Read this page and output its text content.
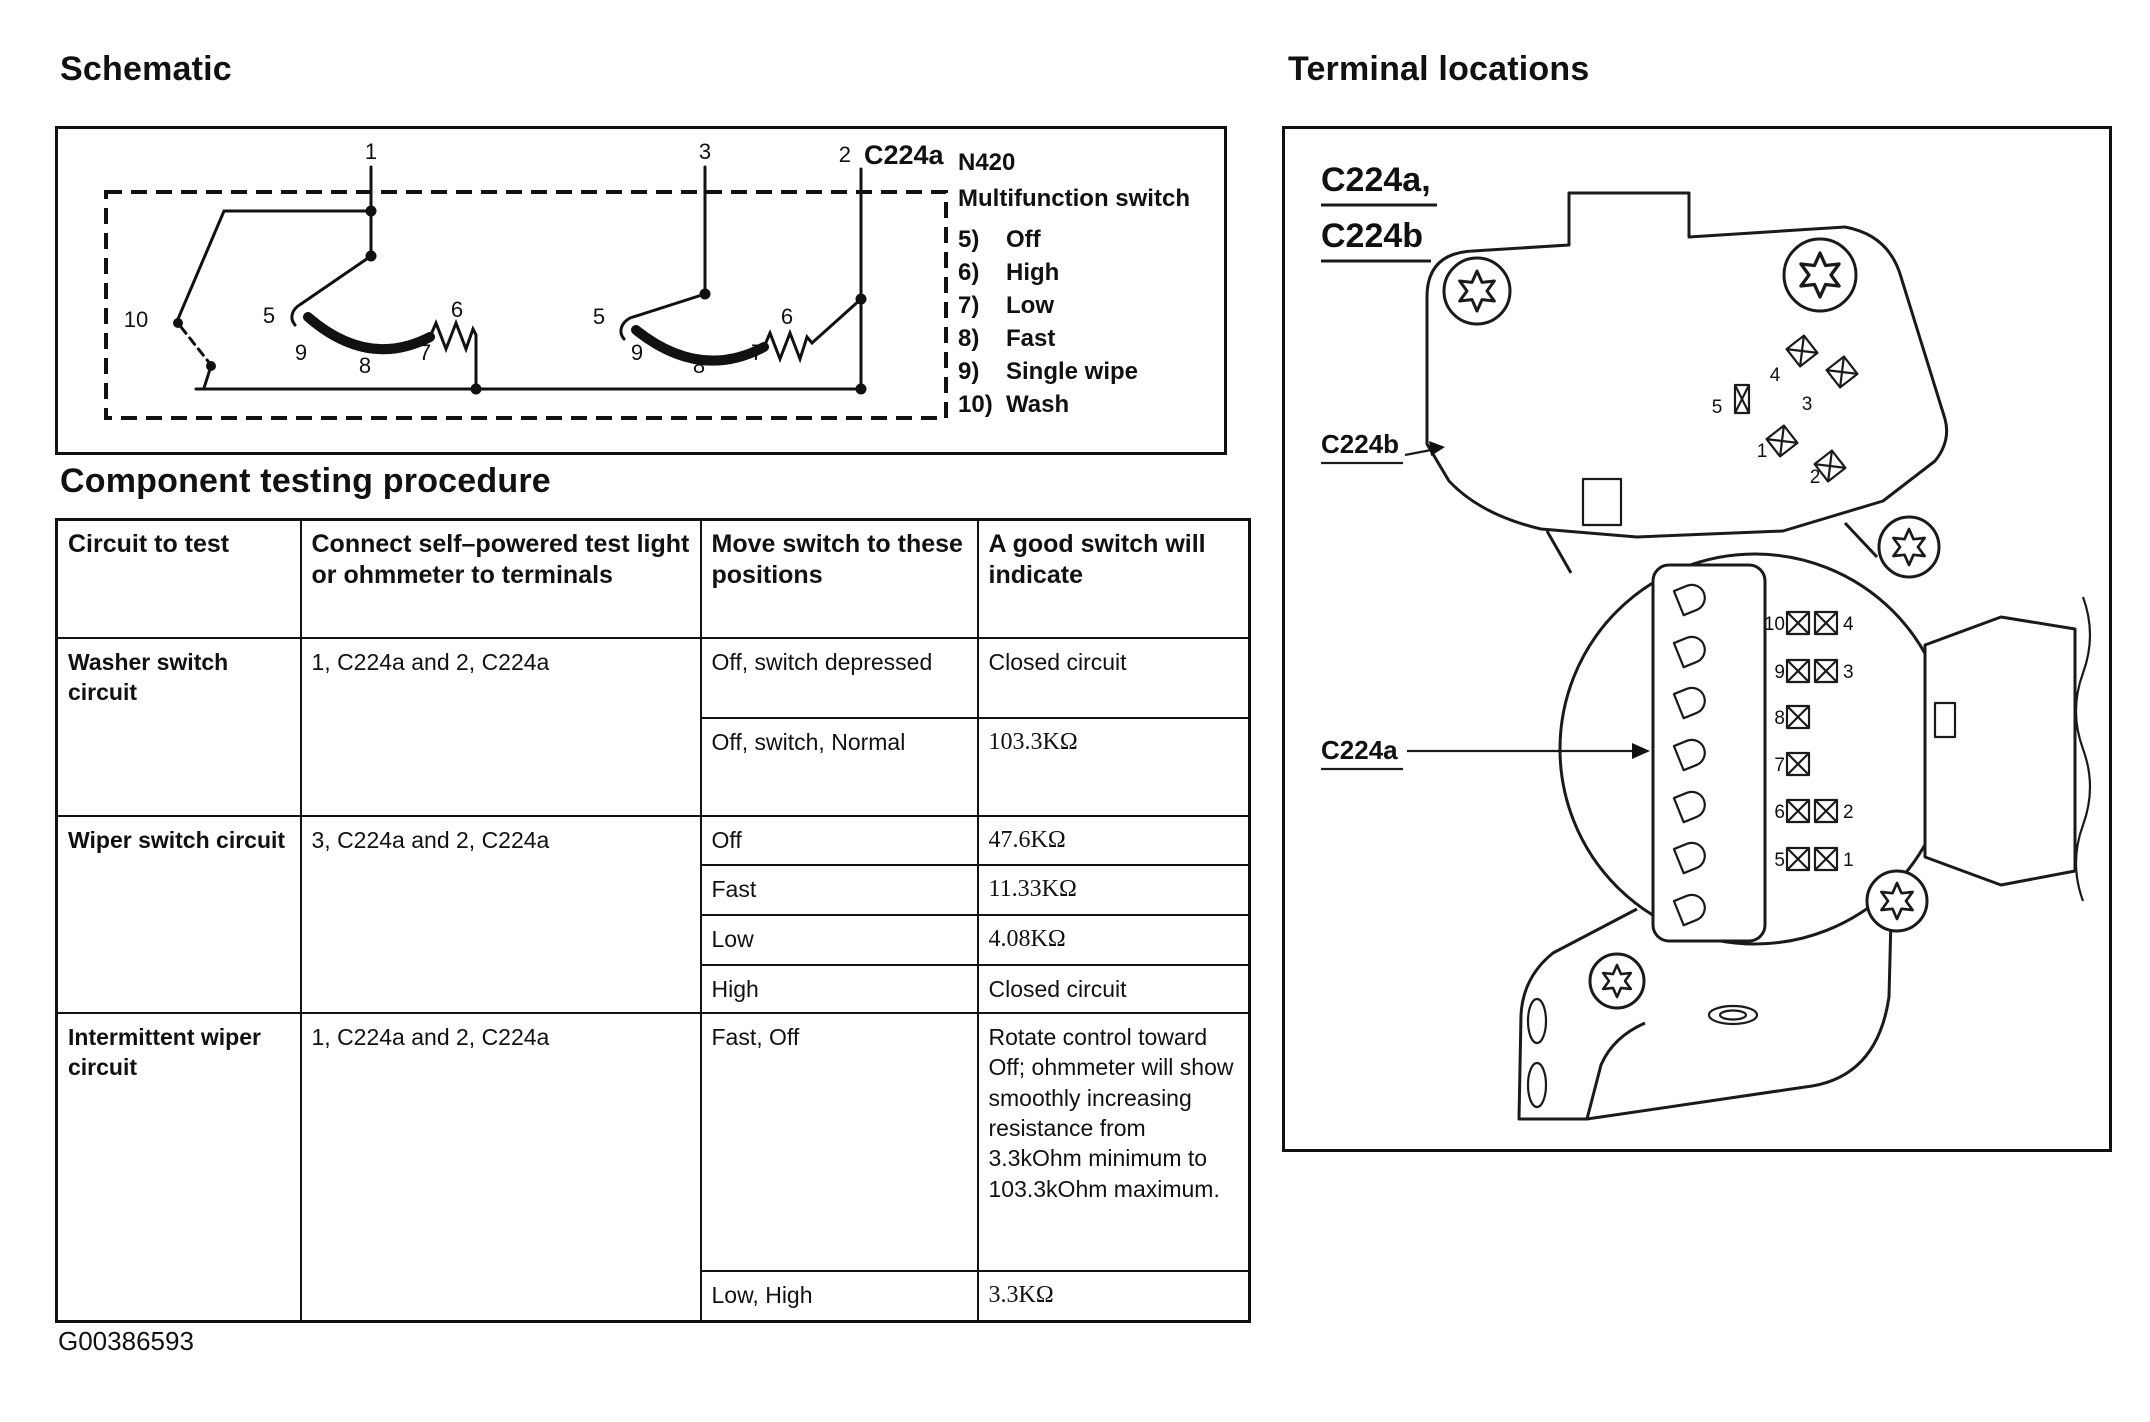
Schematic
1	3	2 C224a
10	5
9
8
7
6	5
9
8
7
6
N420
Multifunction switch
5)	Off
6)	High
7)	Low
8)	Fast
9)	Single wipe
10) Wash
Component testing procedure
Circuit to test	Connect self–powered test light or ohmmeter to terminals	Move switch to these positions	A good switch will indicate
Washer switch circuit	1, C224a and 2, C224a	Off, switch depressed	Closed circuit
		Off, switch, Normal	103.3KΩ
Wiper switch circuit	3, C224a and 2, C224a	Off	47.6KΩ
		Fast	11.33KΩ
		Low	4.08KΩ
		High	Closed circuit
Intermittent wiper circuit	1, C224a and 2, C224a	Fast, Off	Rotate control toward Off; ohmmeter will show smoothly increasing resistance from 3.3kOhm minimum to 103.3kOhm maximum.
		Low, High	3.3KΩ
G00386593
Terminal locations
4
3
5
1
2
10	4
9	3
8
7
6	2
5	1
C224a,
C224b
C224b
C224a
